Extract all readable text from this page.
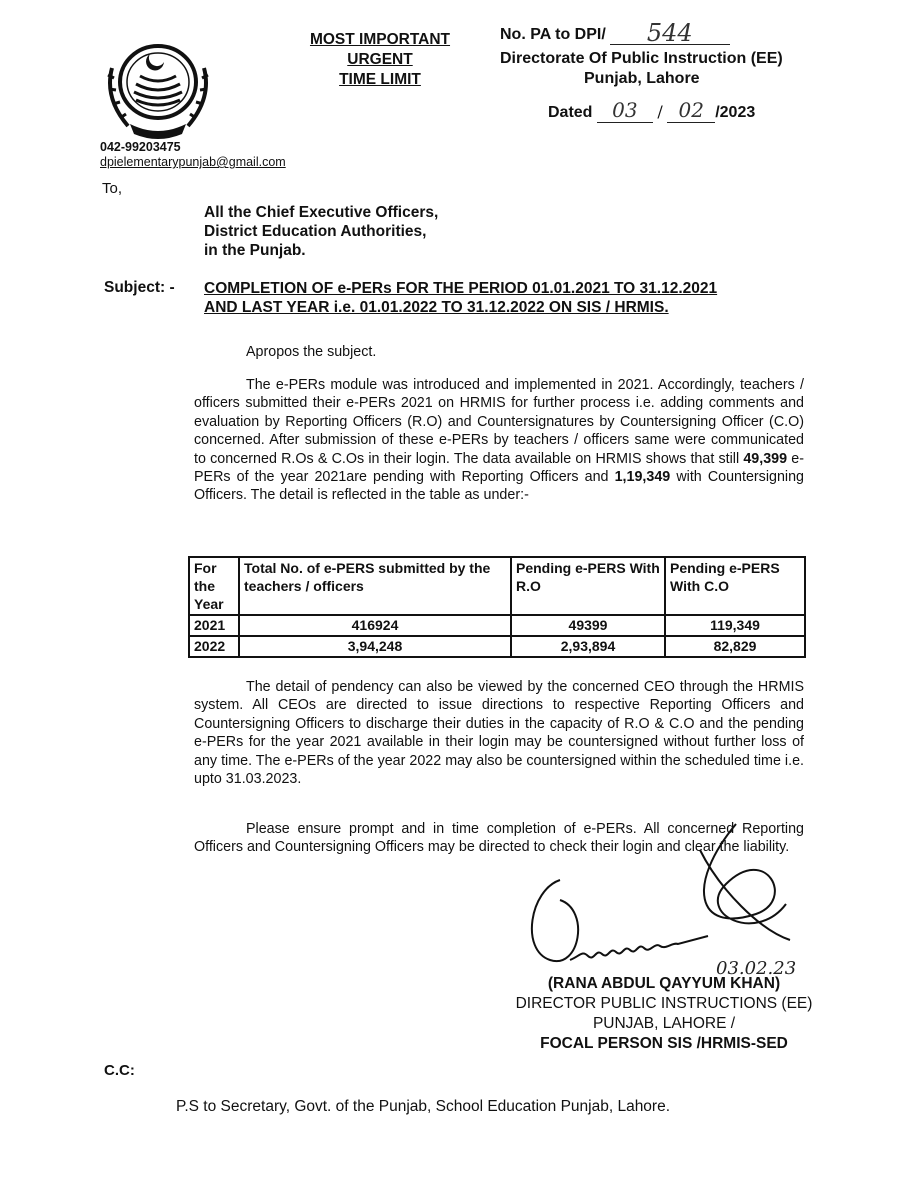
MOST IMPORTANT
URGENT
TIME LIMIT
No. PA to DPI/	544
Directorate Of Public Instruction (EE)
Punjab, Lahore
Dated 03 / 02 /2023
042-99203475
dpielementarypunjab@gmail.com
To,
All the Chief Executive Officers,
District Education Authorities,
in the Punjab.
Subject: - COMPLETION OF e-PERs FOR THE PERIOD 01.01.2021 TO 31.12.2021
AND LAST YEAR i.e. 01.01.2022 TO 31.12.2022 ON SIS / HRMIS.
Apropos the subject.
The e-PERs module was introduced and implemented in 2021. Accordingly, teachers / officers submitted their e-PERs 2021 on HRMIS for further process i.e. adding comments and evaluation by Reporting Officers (R.O) and Countersignatures by Countersigning Officer (C.O) concerned. After submission of these e-PERs by teachers / officers same were communicated to concerned R.Os & C.Os in their login. The data available on HRMIS shows that still 49,399 e-PERs of the year 2021are pending with Reporting Officers and 1,19,349 with Countersigning Officers. The detail is reflected in the table as under:-
For the Year	Total No. of e-PERS submitted by the teachers / officers	Pending e-PERS With R.O	Pending e-PERS With C.O
2021	416924	49399	119,349
2022	3,94,248	2,93,894	82,829
The detail of pendency can also be viewed by the concerned CEO through the HRMIS system. All CEOs are directed to issue directions to respective Reporting Officers and Countersigning Officers to discharge their duties in the capacity of R.O & C.O and the pending e-PERs for the year 2021 available in their login may be countersigned without further loss of any time. The e-PERs of the year 2022 may also be countersigned within the scheduled time i.e. upto 31.03.2023.
Please ensure prompt and in time completion of e-PERs. All concerned Reporting Officers and Countersigning Officers may be directed to check their login and clear the liability.
03.02.23
(RANA ABDUL QAYYUM KHAN)
DIRECTOR PUBLIC INSTRUCTIONS (EE)
PUNJAB, LAHORE /
FOCAL PERSON SIS /HRMIS-SED
C.C:
P.S to Secretary, Govt. of the Punjab, School Education Punjab, Lahore.
